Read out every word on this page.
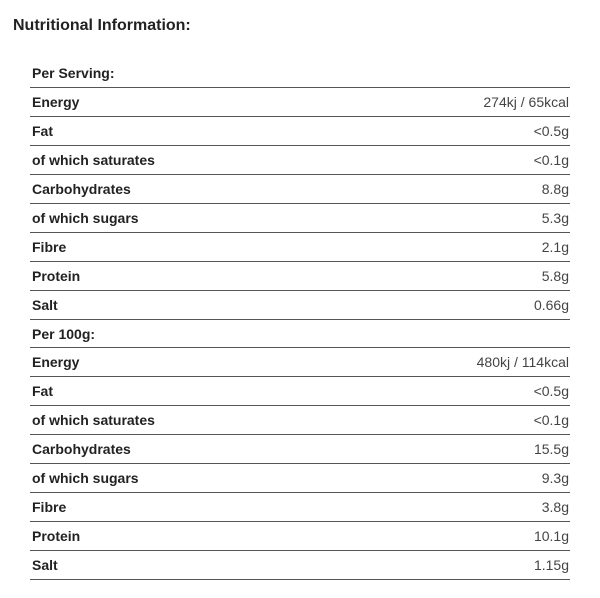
Nutritional Information:
Per Serving:
Energy	274kj / 65kcal
Fat	<0.5g
of which saturates	<0.1g
Carbohydrates	8.8g
of which sugars	5.3g
Fibre	2.1g
Protein	5.8g
Salt	0.66g
Per 100g:
Energy	480kj / 114kcal
Fat	<0.5g
of which saturates	<0.1g
Carbohydrates	15.5g
of which sugars	9.3g
Fibre	3.8g
Protein	10.1g
Salt	1.15g
